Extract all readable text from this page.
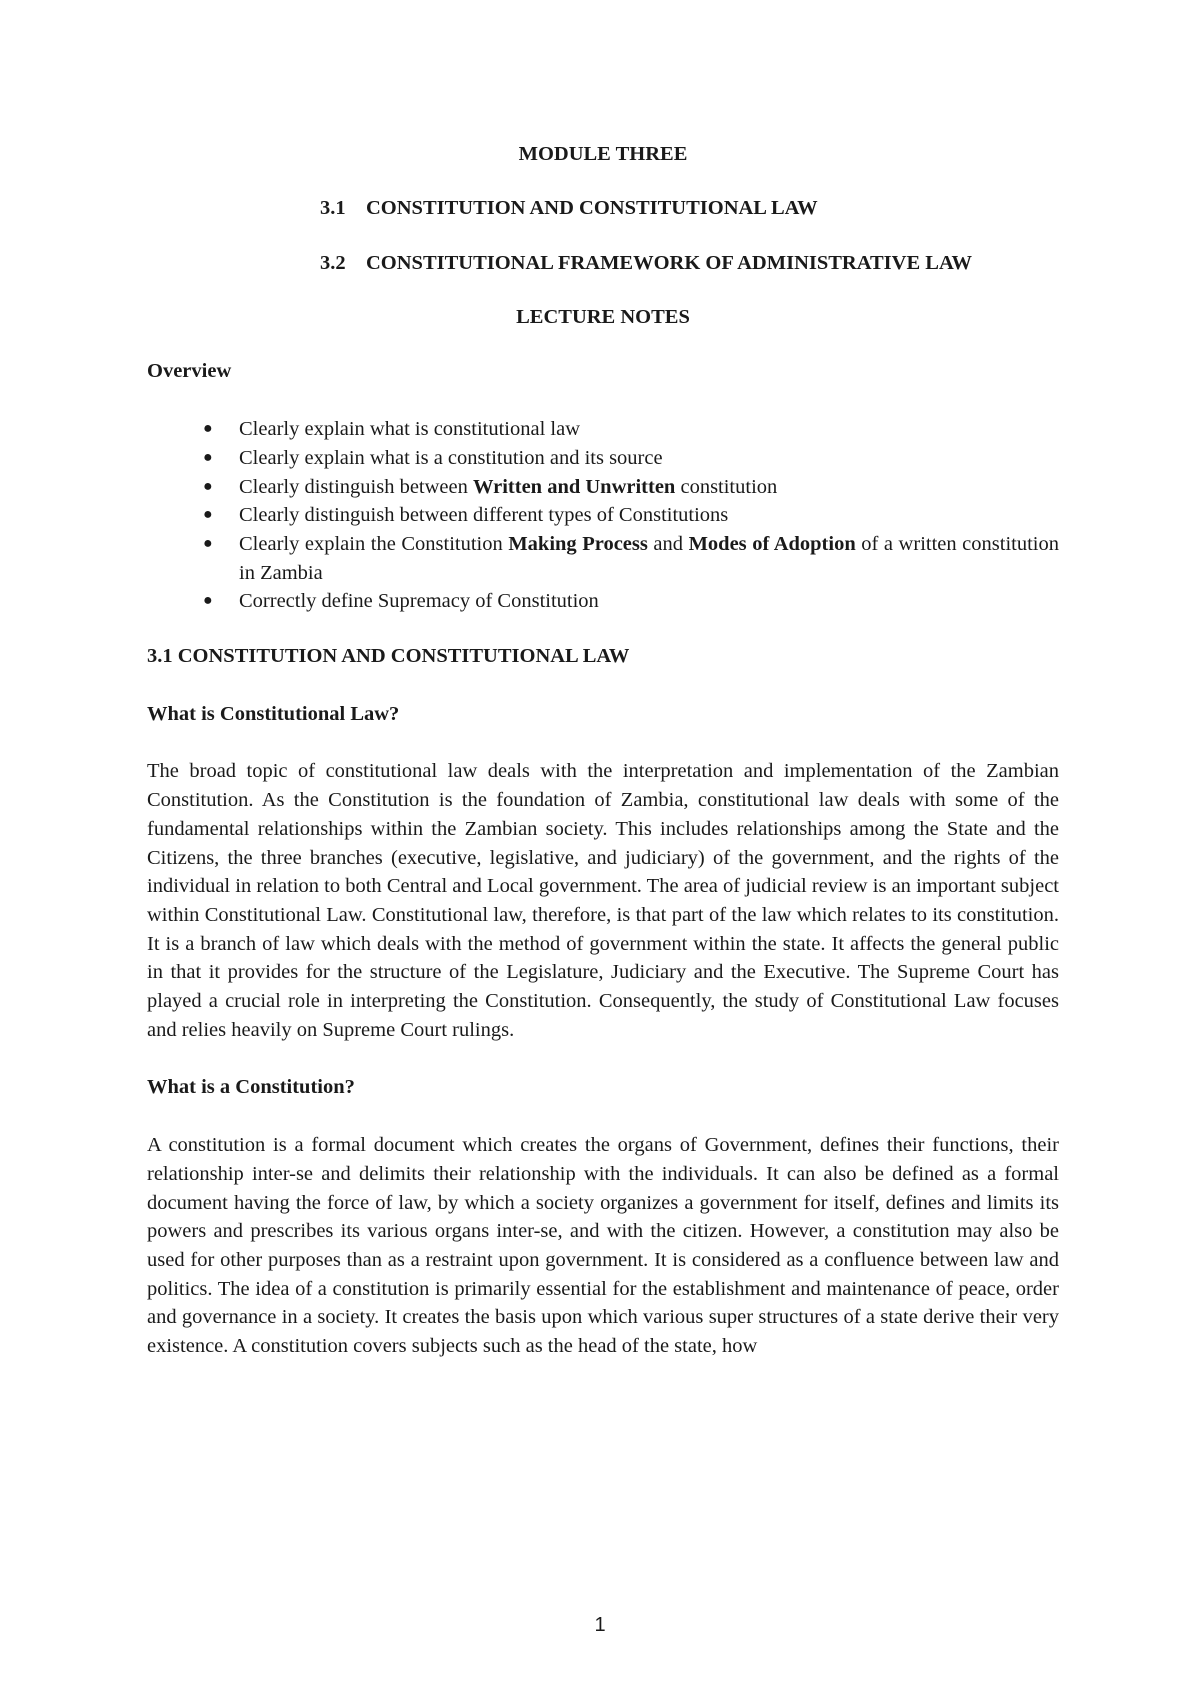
MODULE THREE

3.1 CONSTITUTION AND CONSTITUTIONAL LAW

3.2 CONSTITUTIONAL FRAMEWORK OF ADMINISTRATIVE LAW

LECTURE NOTES

Overview

● Clearly explain what is constitutional law
● Clearly explain what is a constitution and its source
● Clearly distinguish between Written and Unwritten constitution
● Clearly distinguish between different types of Constitutions
● Clearly explain the Constitution Making Process and Modes of Adoption of a written constitution in Zambia
● Correctly define Supremacy of Constitution

3.1 CONSTITUTION AND CONSTITUTIONAL LAW

What is Constitutional Law?

The broad topic of constitutional law deals with the interpretation and implementation of the Zambian Constitution. As the Constitution is the foundation of Zambia, constitutional law deals with some of the fundamental relationships within the Zambian society. This includes relationships among the State and the Citizens, the three branches (executive, legislative, and judiciary) of the government, and the rights of the individual in relation to both Central and Local government. The area of judicial review is an important subject within Constitutional Law. Constitutional law, therefore, is that part of the law which relates to its constitution. It is a branch of law which deals with the method of government within the state. It affects the general public in that it provides for the structure of the Legislature, Judiciary and the Executive. The Supreme Court has played a crucial role in interpreting the Constitution. Consequently, the study of Constitutional Law focuses and relies heavily on Supreme Court rulings.

What is a Constitution?

A constitution is a formal document which creates the organs of Government, defines their functions, their relationship inter-se and delimits their relationship with the individuals. It can also be defined as a formal document having the force of law, by which a society organizes a government for itself, defines and limits its powers and prescribes its various organs inter-se, and with the citizen. However, a constitution may also be used for other purposes than as a restraint upon government. It is considered as a confluence between law and politics. The idea of a constitution is primarily essential for the establishment and maintenance of peace, order and governance in a society. It creates the basis upon which various super structures of a state derive their very existence. A constitution covers subjects such as the head of the state, how

1
